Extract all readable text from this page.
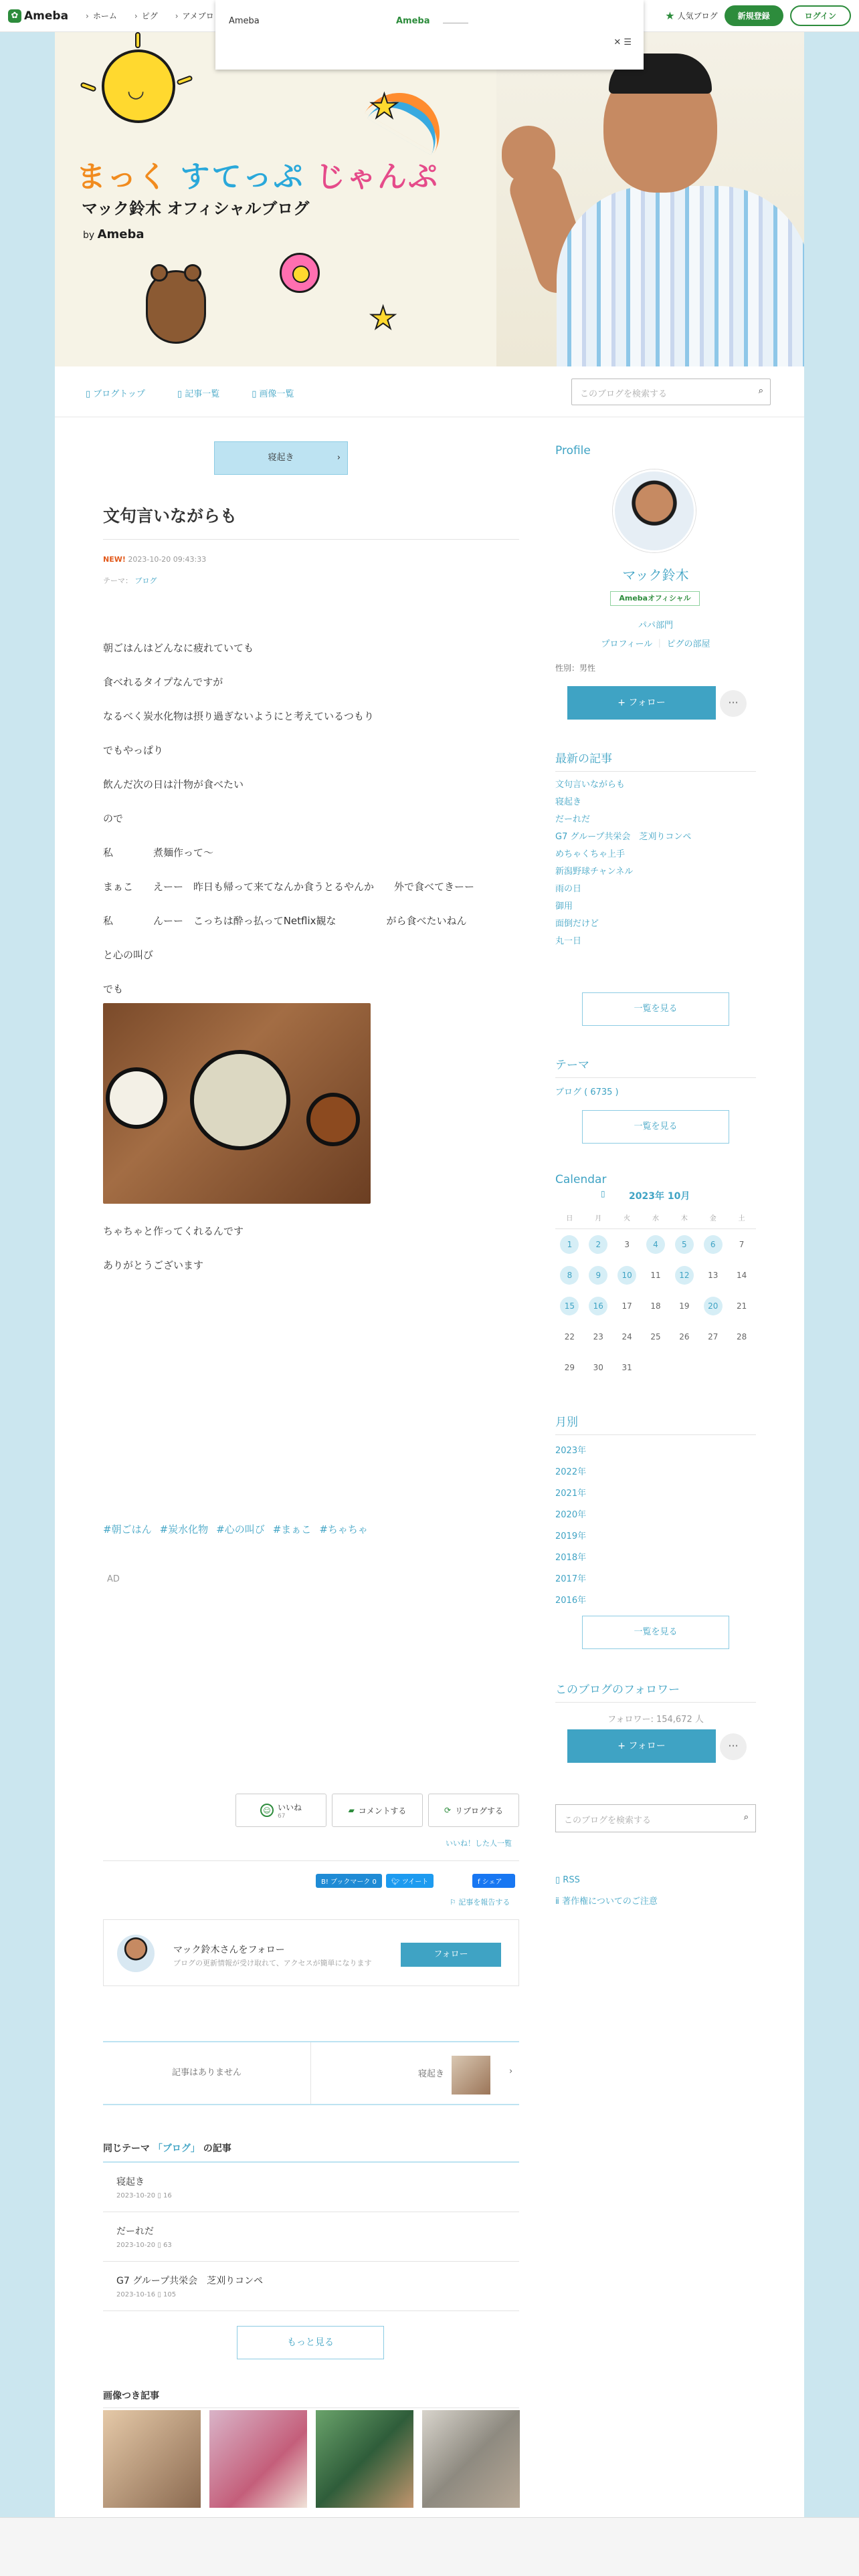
✿ Ameba	› ホーム	› ピグ	› アメブロ	★ 人気ブログ	新規登録	ログイン
Ameba	Ameba
✕ ☰
◡	★
★
まっく すてっぷ じゃんぷ
マック鈴木 オフィシャルブログ
by Ameba
▯ ブログトップ	▯ 記事一覧	▯ 画像一覧	このブログを検索する	⌕
寝起き	›
文句言いながらも
NEW! 2023-10-20 09:43:33
テーマ： ブログ

朝ごはんはどんなに疲れていても

食べれるタイプなんですが

なるべく炭水化物は摂り過ぎないようにと考えているつもり

でもやっぱり

飲んだ次の日は汁物が食べたい

ので

私　　　　煮麺作って〜

まぁこ　　えーー　昨日も帰って来てなんか食うとるやんか　　外で食べてきーー

私　　　　んーー　こっちは酔っ払ってNetflix観な　　　　　がら食べたいねん

と心の叫び

でも

ちゃちゃと作ってくれるんです

ありがとうございます

#朝ごはん #炭水化物 #心の叫び #まぁこ #ちゃちゃ
AD
☺ いいね
67
▰ コメントする	⟳ リブログする
いいね！した人一覧
B! ブックマーク 0	🐦︎ ツイート	f シェア
⚐ 記事を報告する
マック鈴木さんをフォロー
ブログの更新情報が受け取れて、アクセスが簡単になります
フォロー
記事はありません	寝起き	›
同じテーマ 「ブログ」 の記事
寝起き
2023-10-20 ▯ 16
だーれだ
2023-10-20 ▯ 63
G7 グループ共栄会　芝刈りコンペ
2023-10-16 ▯ 105
もっと見る
画像つき記事
Profile
マック鈴木
Amebaオフィシャル
パパ部門
プロフィール ｜ ピグの部屋
性別：男性
+ フォロー	···
最新の記事
文句言いながらも
寝起き
だーれだ
G7 グループ共栄会　芝刈りコンペ
めちゃくちゃ上手
新潟野球チャンネル
雨の日
御用
面倒だけど
丸一日
一覧を見る
テーマ
ブログ ( 6735 )
一覧を見る
Calendar
▯	2023年 10月
日	月	火	水	木	金	土
1	2	3	4	5	6	7
8	9	10	11	12	13	14
15	16	17	18	19	20	21
22	23	24	25	26	27	28
29	30	31
月別
2023年
2022年
2021年
2020年
2019年
2018年
2017年
2016年
一覧を見る
このブログのフォロワー
フォロワー: 154,672 人
+ フォロー	···
このブログを検索する	⌕
▯ RSS
ⅱ 著作権についてのご注意
